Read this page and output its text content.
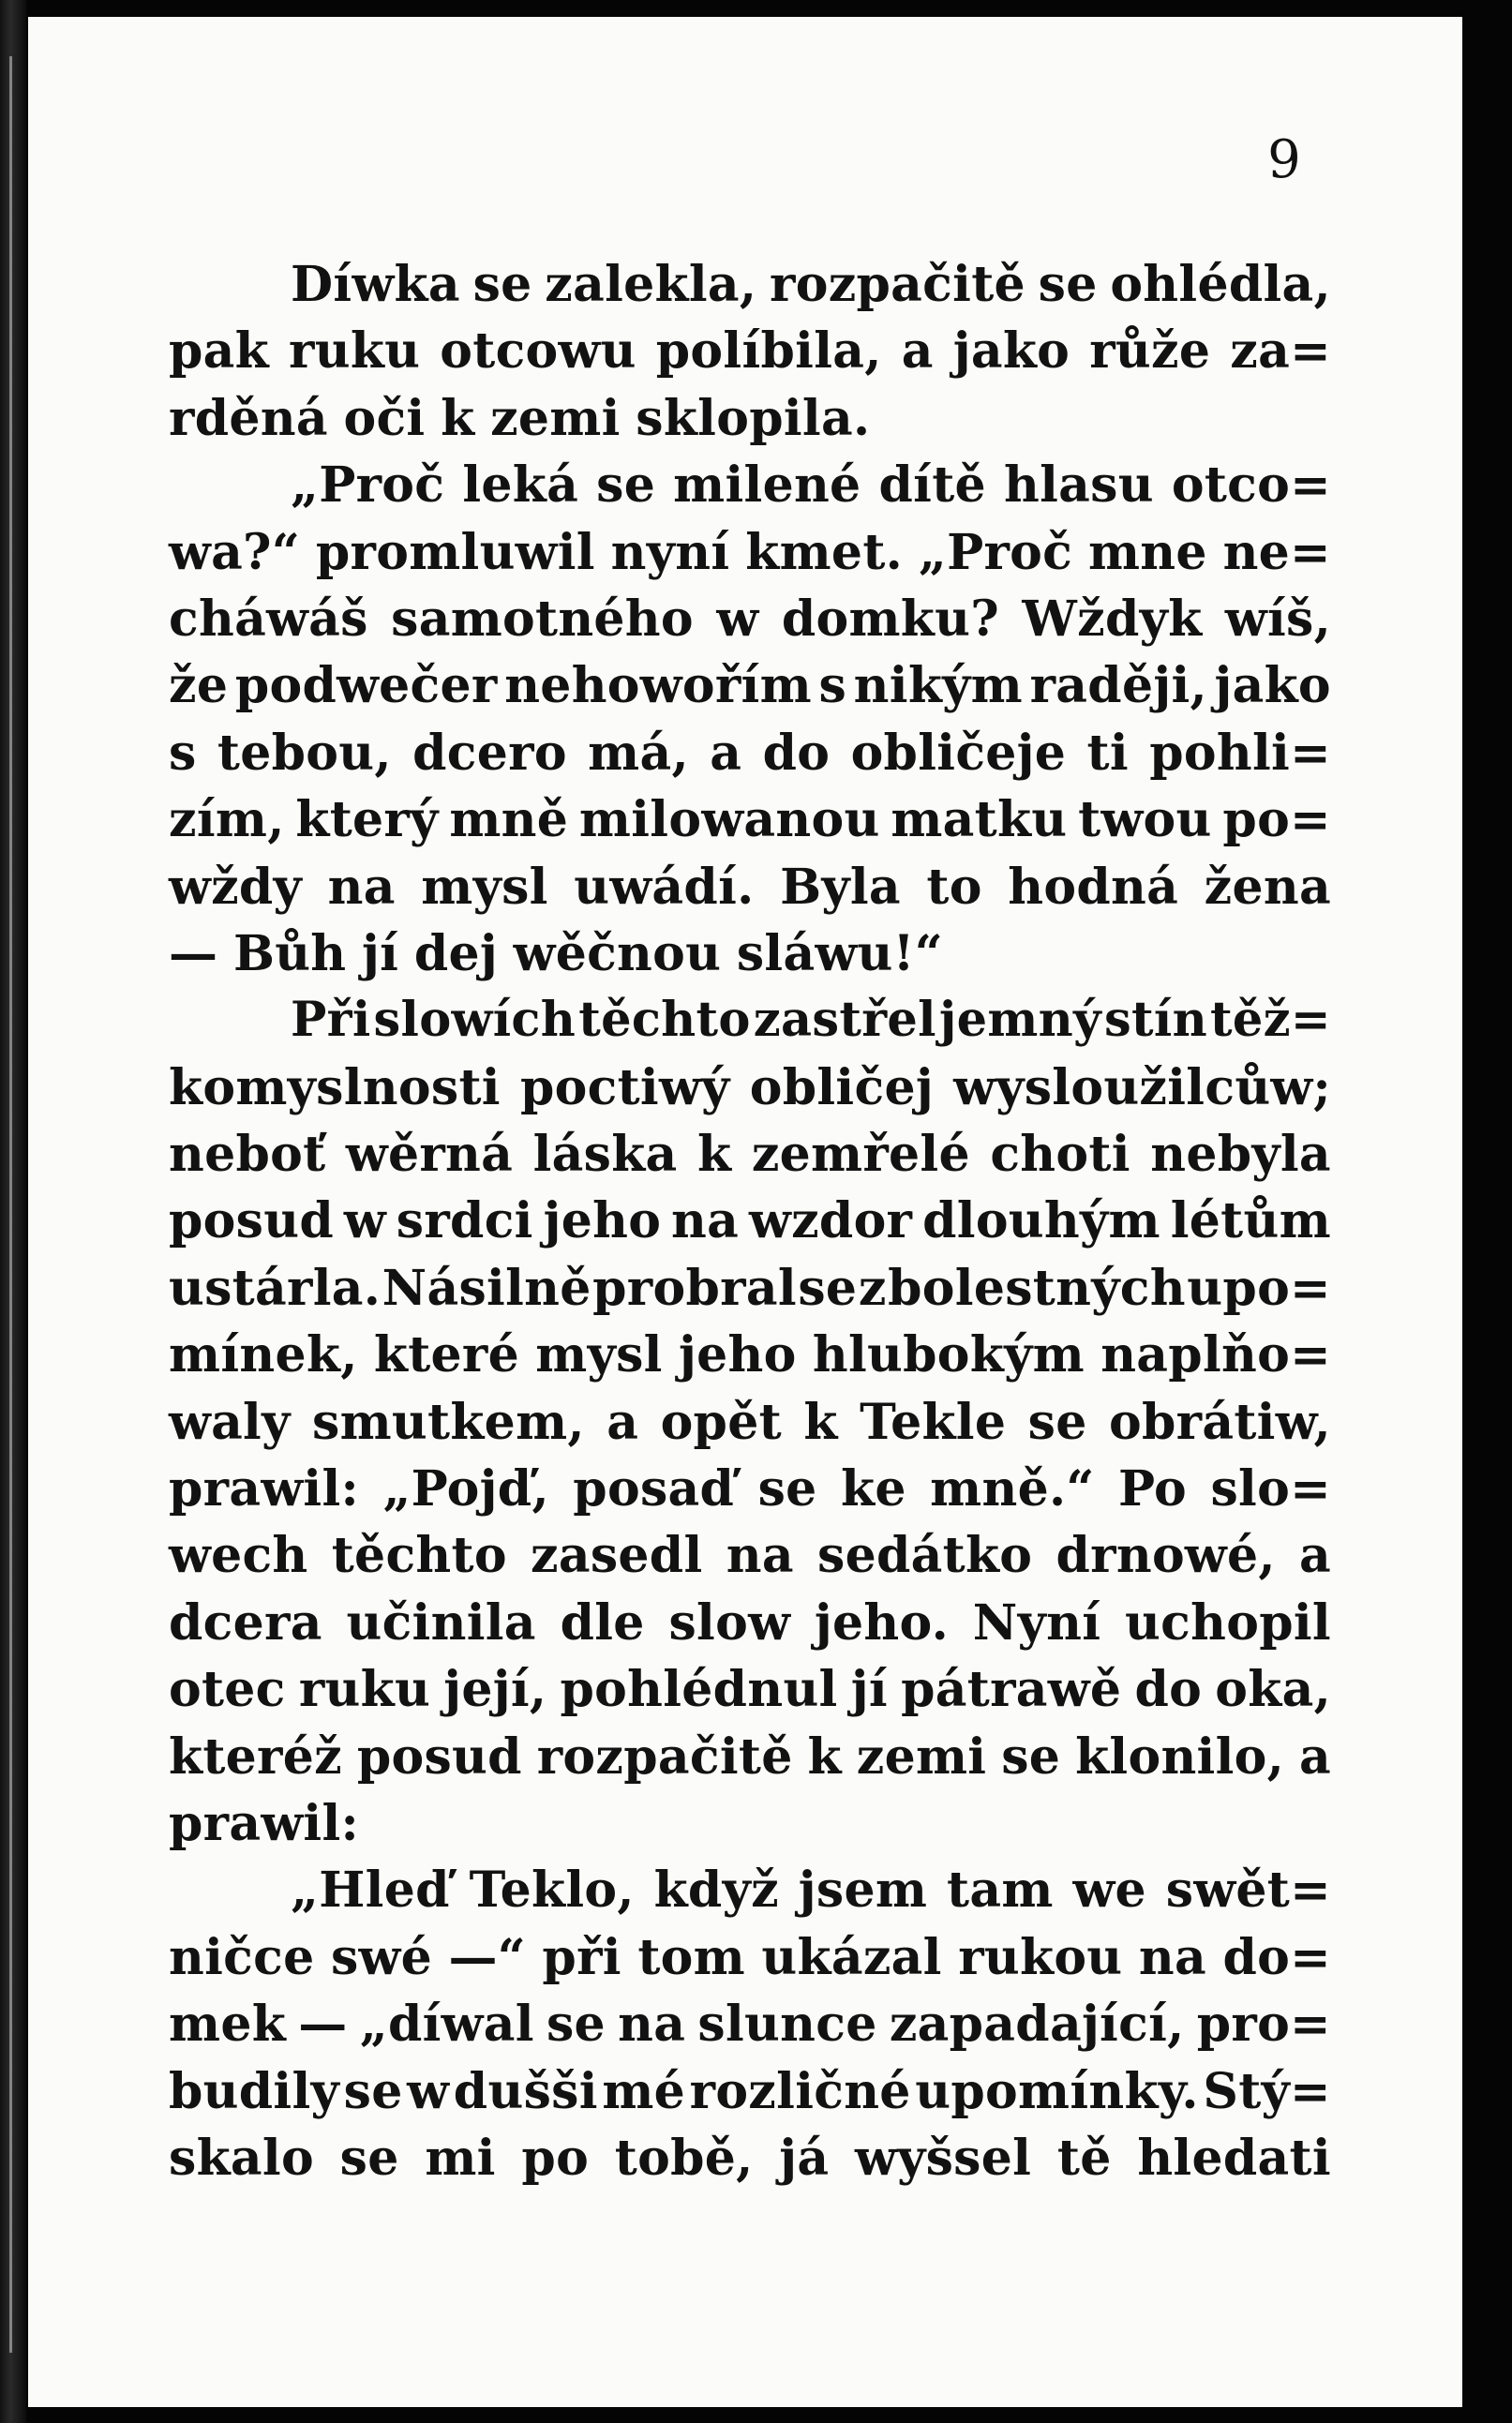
9
Díwka se zalekla, rozpačitě se ohlédla,
pak ruku otcowu políbila, a jako růže za=
rděná oči k zemi sklopila.
„Proč leká se milené dítě hlasu otco=
wa?“ promluwil nyní kmet. „Proč mne ne=
cháwáš samotného w domku? Wždyk wíš,
že podwečer nehowořím s nikým raději, jako
s tebou, dcero má, a do obličeje ti pohli=
zím, který mně milowanou matku twou po=
wždy na mysl uwádí. Byla to hodná žena
— Bůh jí dej wěčnou sláwu!“
Při slowích těchto zastřel jemný stín těž=
komyslnosti poctiwý obličej wysloužilcůw;
neboť wěrná láska k zemřelé choti nebyla
posud w srdci jeho na wzdor dlouhým létům
ustárla. Násilně probral se z bolestných upo=
mínek, které mysl jeho hlubokým naplňo=
waly smutkem, a opět k Tekle se obrátiw,
prawil: „Pojď, posaď se ke mně.“ Po slo=
wech těchto zasedl na sedátko drnowé, a
dcera učinila dle slow jeho. Nyní uchopil
otec ruku její, pohlédnul jí pátrawě do oka,
kteréž posud rozpačitě k zemi se klonilo, a
prawil:
„Hleď Teklo, když jsem tam we swět=
ničce swé —“ při tom ukázal rukou na do=
mek — „díwal se na slunce zapadající, pro=
budily se w dušši mé rozličné upomínky. Stý=
skalo se mi po tobě, já wyšsel tě hledati
